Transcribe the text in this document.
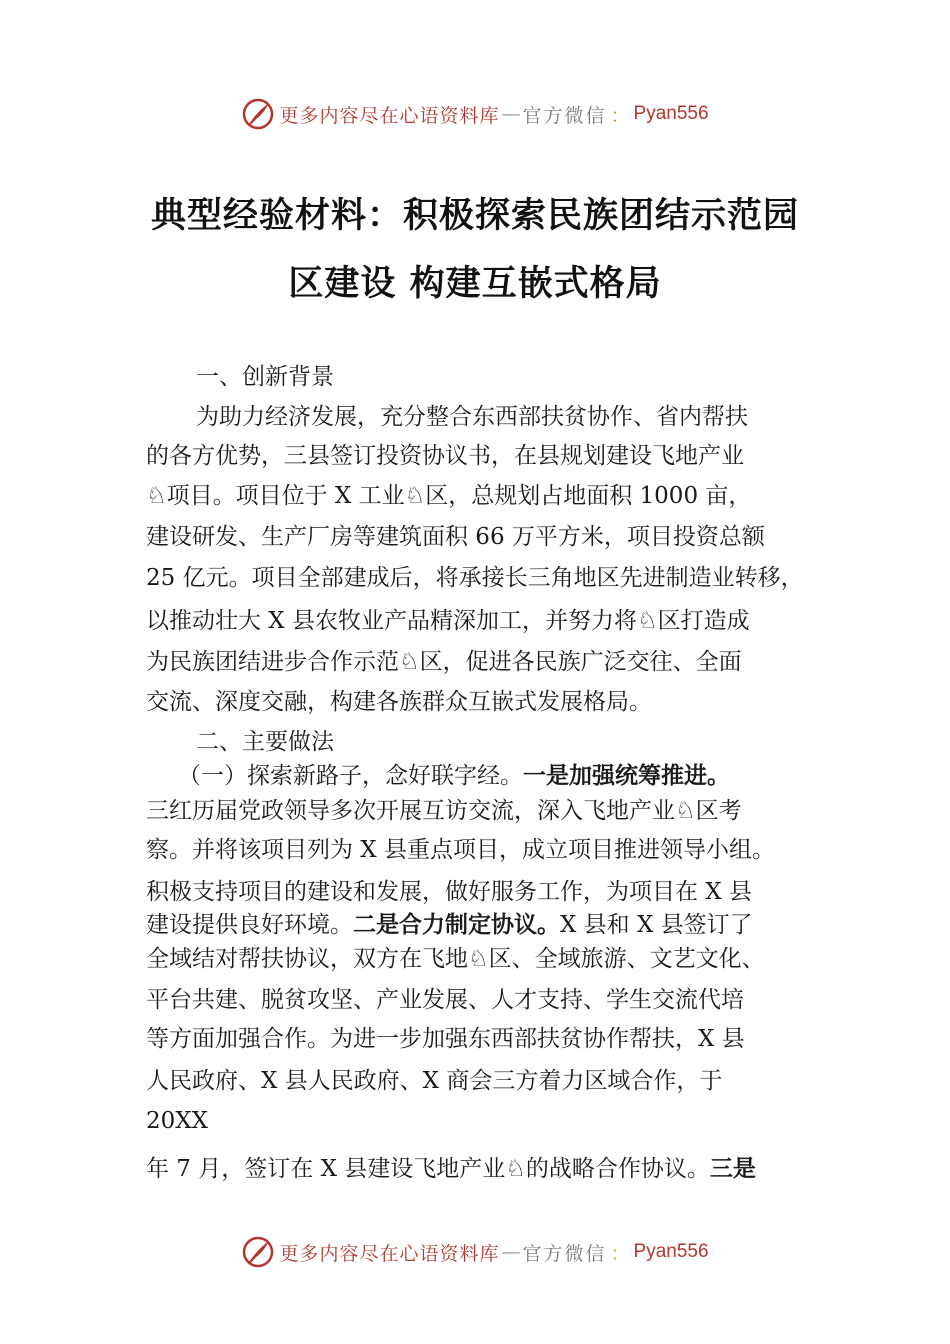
更多内容尽在心语资料库 — 官方微信 ： Pyan556
典型经验材料：积极探索民族团结示范园
区建设 构建互嵌式格局
一、创新背景
为助力经济发展，充分整合东西部扶贫协作、省内帮扶
的各方优势，三县签订投资协议书，在县规划建设飞地产业
♘项目。项目位于 X 工业♘区，总规划占地面积 1000 亩，
建设研发、生产厂房等建筑面积 66 万平方米，项目投资总额
25 亿元。项目全部建成后，将承接长三角地区先进制造业转移，
以推动壮大 X 县农牧业产品精深加工，并努力将♘区打造成
为民族团结进步合作示范♘区，促进各民族广泛交往、全面
交流、深度交融，构建各族群众互嵌式发展格局。
二、主要做法
（一）探索新路子，念好联字经。一是加强统筹推进。
三红历届党政领导多次开展互访交流，深入飞地产业♘区考
察。并将该项目列为 X 县重点项目，成立项目推进领导小组。
积极支持项目的建设和发展，做好服务工作，为项目在 X 县
建设提供良好环境。二是合力制定协议。X 县和 X 县签订了
全域结对帮扶协议，双方在飞地♘区、全域旅游、文艺文化、
平台共建、脱贫攻坚、产业发展、人才支持、学生交流代培
等方面加强合作。为进一步加强东西部扶贫协作帮扶，X 县
人民政府、X 县人民政府、X 商会三方着力区域合作，于
20XX
年 7 月，签订在 X 县建设飞地产业♘的战略合作协议。三是
更多内容尽在心语资料库 — 官方微信 ： Pyan556
